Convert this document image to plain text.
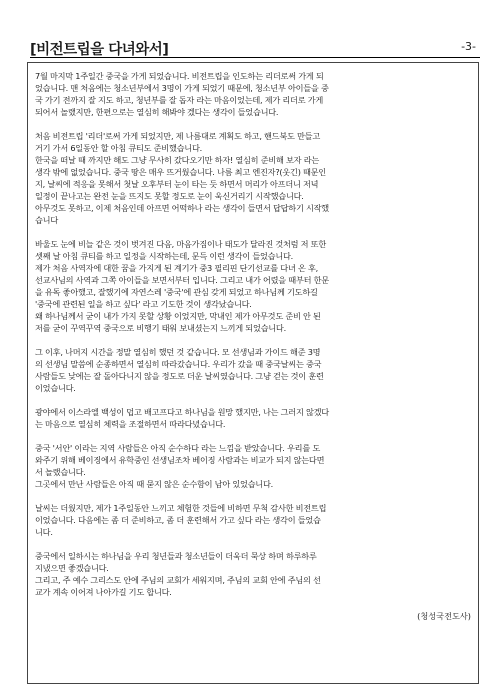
[비전트립을 다녀와서]	-3-
7월 마지막 1주일간 중국을 가게 되었습니다. 비전트립을 인도하는 리더로써 가게 되
었습니다. 맨 처음에는 청소년부에서 3명이 가게 되었기 때문에, 청소년부 아이들을 중
국 가기 전까지 잘 지도 하고, 청년부를 잘 돕자 라는 마음이었는데, 제가 리더로 가게
되어서 놀랬지만, 한편으로는 열심히 해봐야 겠다는 생각이 들었습니다.
처음 비전트립 '리더'로써 가게 되었지만, 제 나름대로 계획도 하고, 핸드북도 만들고
거기 가서 6일동안 할 아침 큐티도 준비했습니다.
한국을 떠날 때 까지만 해도 그냥 무사히 갔다오기만 하자! 열심히 준비해 보자 라는
생각 밖에 없었습니다. 중국 땅은 매우 뜨거웠습니다. 나름 최고 엔진자?(웃긴) 때문인
지, 날씨에 적응을 못해서 첫날 오후부터 눈이 타는 듯 하면서 머리가 아프더니 저녁
일정이 끝나고는 완전 눈을 뜨지도 못할 정도로 눈이 욱신거리기 시작했습니다.
아무것도 못하고, 이제 처음인데 아프면 어떡하나 라는 생각이 들면서 답답하기 시작했
습니다
바울도 눈에 비늘 같은 것이 벗겨진 다음, 마음가짐이나 태도가 달라진 것처럼 저 또한
셋째 날 아침 큐티를 하고 일정을 시작하는데, 문득 이런 생각이 들었습니다.
제가 처음 사역자에 대한 꿈을 가지게 된 계기가 중3 필리핀 단기선교를 다녀 온 후,
선교사님의 사역과 그쪽 아이들을 보면서부터 입니다. 그리고 내가 어렸을 때부터 한문
을 유독 좋아했고, 잘했기에 자연스레 '중국'에 관심 갖게 되었고 하나님께 기도하길
'중국에 관련된 일을 하고 싶다' 라고 기도한 것이 생각났습니다.
왜 하나님께서 굳이 내가 가지 못할 상황 이었지만, 막내인 제가 아무것도 준비 안 된
저를 굳이 꾸역꾸역 중국으로 비행기 태워 보내셨는지 느끼게 되었습니다.
그 이후, 나머지 시간을 정말 열심히 했던 것 같습니다. 모 선생님과 가이드 해준 3명
의 선생님 말씀에 순종하면서 열심히 따라갔습니다. 우리가 갔을 때 중국날씨는 중국
사람들도 낮에는 잘 돌아다니지 않을 정도로 더운 날씨였습니다. 그냥 걷는 것이 훈련
이었습니다.
광야에서 이스라엘 백성이 덥고 배고프다고 하나님을 원망 했지만, 나는 그러지 않겠다
는 마음으로 열심히 체력을 조절하면서 따라다녔습니다.
중국 '서안' 이라는 지역 사람들은 아직 순수하다 라는 느낌을 받았습니다. 우리를 도
와주기 위해 베이징에서 유학중인 선생님조차 베이징 사람과는 비교가 되지 않는다면
서 놀랬습니다.
그곳에서 만난 사람들은 아직 때 묻지 않은 순수함이 남아 있었습니다.
날씨는 더웠지만, 제가 1주일동안 느끼고 체험한 것들에 비하면 무척 감사한 비전트립
이었습니다. 다음에는 좀 더 준비하고, 좀 더 훈련해서 가고 싶다 라는 생각이 들었습
니다.
중국에서 일하시는 하나님을 우리 청년들과 청소년들이 더욱더 묵상 하며 하루하루
지냈으면 좋겠습니다.
그리고, 주 예수 그리스도 안에 주님의 교회가 세워지며, 주님의 교회 안에 주님의 선
교가 계속 이어져 나아가길 기도 합니다.
(청성국전도사)
